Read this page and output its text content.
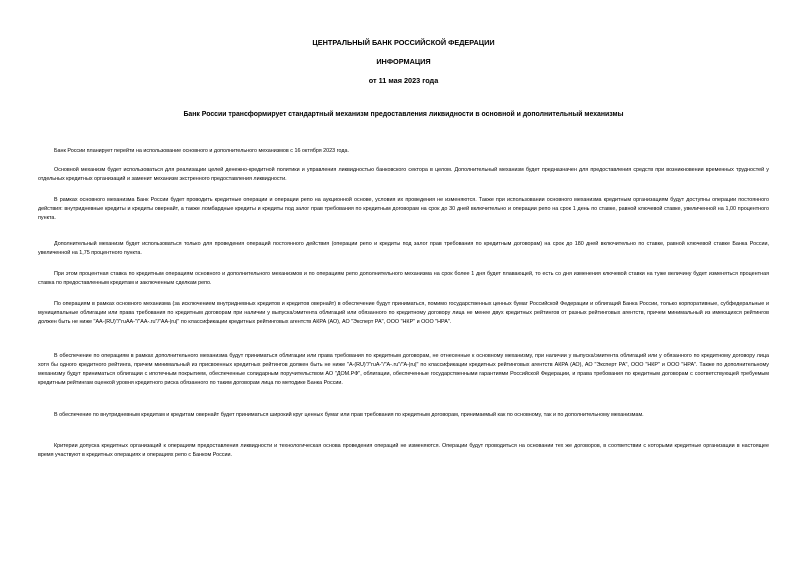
ЦЕНТРАЛЬНЫЙ БАНК РОССИЙСКОЙ ФЕДЕРАЦИИ
ИНФОРМАЦИЯ
от 11 мая 2023 года
Банк России трансформирует стандартный механизм предоставления ликвидности в основной и дополнительный механизмы
Банк России планирует перейти на использование основного и дополнительного механизмов с 16 октября 2023 года.
Основной механизм будет использоваться для реализации целей денежно-кредитной политики и управления ликвидностью банковского сектора в целом. Дополнительный механизм будет предназначен для предоставления средств при возникновении временных трудностей у отдельных кредитных организаций и заменит механизм экстренного предоставления ликвидности.
В рамках основного механизма Банк России будет проводить кредитные операции и операции репо на аукционной основе, условия их проведения не изменяются. Также при использовании основного механизма кредитным организациям будут доступны операции постоянного действия: внутридневные кредиты и кредиты овернайт, а также ломбардные кредиты и кредиты под залог прав требования по кредитным договорам на срок до 30 дней включительно и операции репо на срок 1 день по ставке, равной ключевой ставке, увеличенной на 1,00 процентного пункта.
Дополнительный механизм будет использоваться только для проведения операций постоянного действия (операции репо и кредиты под залог прав требования по кредитным договорам) на срок до 180 дней включительно по ставке, равной ключевой ставке Банка России, увеличенной на 1,75 процентного пункта.
При этом процентная ставка по кредитным операциям основного и дополнительного механизмов и по операциям репо дополнительного механизма на срок более 1 дня будет плавающей, то есть со дня изменения ключевой ставки на туже величину будет изменяться процентная ставка по предоставленным кредитам и заключенным сделкам репо.
По операциям в рамках основного механизма (за исключением внутридневных кредитов и кредитов овернайт) в обеспечение будут приниматься, помимо государственных ценных бумаг Российской Федерации и облигаций Банка России, только корпоративные, субфедеральные и муниципальные облигации или права требования по кредитным договорам при наличии у выпуска/эмитента облигаций или обязанного по кредитному договору лица не менее двух кредитных рейтингов от разных рейтинговых агентств, причем минимальный из имеющихся рейтингов должен быть не ниже "AA-(RU)"/"ruAA-"/"AA-.ru"/"AA-|ru|" по классификации кредитных рейтинговых агентств АКРА (АО), АО "Эксперт РА", ООО "НКР" и ООО "НРА".
В обеспечение по операциям в рамках дополнительного механизма будут приниматься облигации или права требования по кредитным договорам, не отнесенные к основному механизму, при наличии у выпуска/эмитента облигаций или у обязанного по кредитному договору лица хотя бы одного кредитного рейтинга, причем минимальный из присвоенных кредитных рейтингов должен быть не ниже "A-(RU)"/"ruA-"/"A-.ru"/"A-|ru|" по классификации кредитных рейтинговых агентств АКРА (АО), АО "Эксперт РА", ООО "НКР" и ООО "НРА". Также по дополнительному механизму будут приниматься облигации с ипотечным покрытием, обеспеченные солидарным поручительством АО "ДОМ.РФ", облигации, обеспеченные государственными гарантиями Российской Федерации, и права требования по кредитным договорам с соответствующей требуемым кредитным рейтингам оценкой уровня кредитного риска обязанного по таким договорам лица по методике Банка России.
В обеспечение по внутридневным кредитам и кредитам овернайт будет приниматься широкий круг ценных бумаг или прав требования по кредитным договорам, принимаемый как по основному, так и по дополнительному механизмам.
Критерии допуска кредитных организаций к операциям предоставления ликвидности и технологическая основа проведения операций не изменяются. Операции будут проводиться на основании тех же договоров, в соответствии с которыми кредитные организации в настоящее время участвуют в кредитных операциях и операциях репо с Банком России.
